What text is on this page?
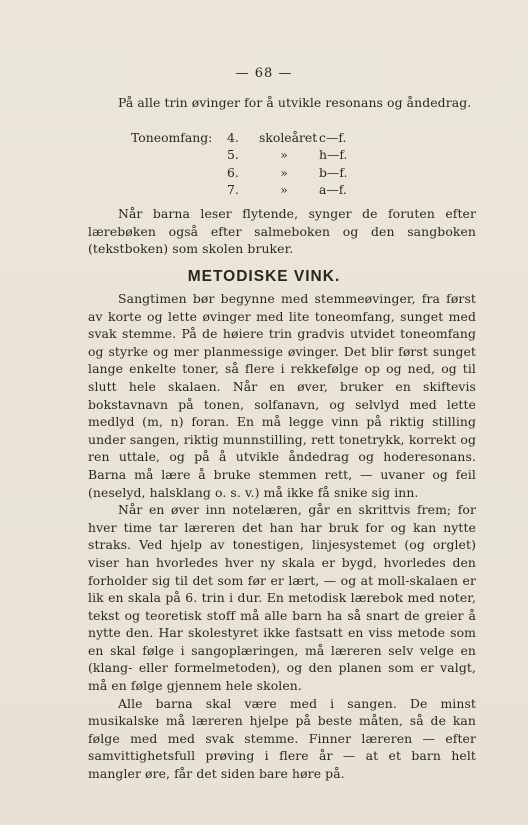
— 68 —

På alle trin øvinger for å utvikle resonans og åndedrag.

Toneomfang:	4.	skoleåret c—f.
5.	»	h—f.
6.	»	b—f.
7.	»	a—f.

Når barna leser flytende, synger de foruten efter lærebøken også efter salmeboken og den sangboken (tekstboken) som skolen bruker.

METODISKE VINK.

Sangtimen bør begynne med stemmeøvinger, fra først av korte og lette øvinger med lite toneomfang, sunget med svak stemme. På de høiere trin gradvis utvidet toneomfang og styrke og mer planmessige øvinger. Det blir først sunget lange enkelte toner, så flere i rekkefølge op og ned, og til slutt hele skalaen. Når en øver, bruker en skiftevis bokstavnavn på tonen, solfanavn, og selvlyd med lette medlyd (m, n) foran. En må legge vinn på riktig stilling under sangen, riktig munnstilling, rett tonetrykk, korrekt og ren uttale, og på å utvikle åndedrag og hoderesonans. Barna må lære å bruke stemmen rett, — uvaner og feil (neselyd, halsklang o. s. v.) må ikke få snike sig inn.

Når en øver inn notelæren, går en skrittvis frem; for hver time tar læreren det han har bruk for og kan nytte straks. Ved hjelp av tonestigen, linjesystemet (og orglet) viser han hvorledes hver ny skala er bygd, hvorledes den forholder sig til det som før er lært, — og at moll-skalaen er lik en skala på 6. trin i dur. En metodisk lærebok med noter, tekst og teoretisk stoff må alle barn ha så snart de greier å nytte den. Har skolestyret ikke fastsatt en viss metode som en skal følge i sangoplæringen, må læreren selv velge en (klang- eller formelmetoden), og den planen som er valgt, må en følge gjennem hele skolen.

Alle barna skal være med i sangen. De minst musikalske må læreren hjelpe på beste måten, så de kan følge med med svak stemme. Finner læreren — efter samvittighetsfull prøving i flere år — at et barn helt mangler øre, får det siden bare høre på.
